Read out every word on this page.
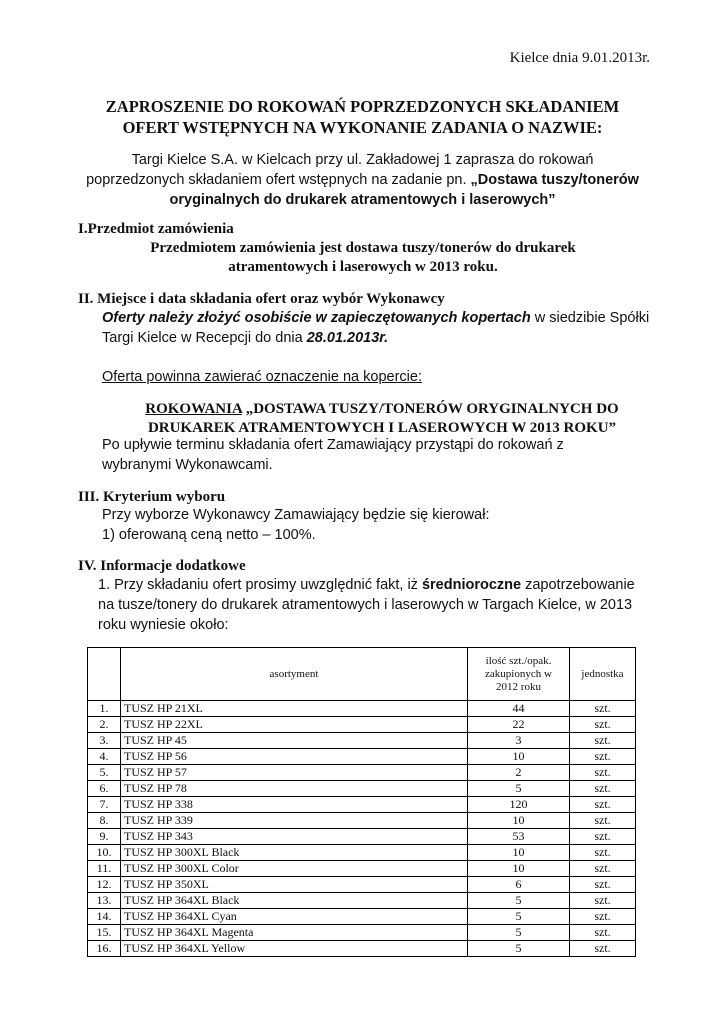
Kielce dnia 9.01.2013r.
ZAPROSZENIE DO ROKOWAŃ POPRZEDZONYCH SKŁADANIEM
OFERT WSTĘPNYCH NA WYKONANIE ZADANIA O NAZWIE:
Targi Kielce S.A. w Kielcach przy ul. Zakładowej 1 zaprasza do rokowań
poprzedzonych składaniem ofert wstępnych na zadanie pn. „Dostawa tuszy/tonerów
oryginalnych do drukarek atramentowych i laserowych”
I.Przedmiot zamówienia
Przedmiotem zamówienia jest dostawa tuszy/tonerów do drukarek
atramentowych i laserowych w 2013 roku.
II. Miejsce i data składania ofert oraz wybór Wykonawcy
Oferty należy złożyć osobiście w zapieczętowanych kopertach w siedzibie Spółki
Targi Kielce w Recepcji do dnia 28.01.2013r.
Oferta powinna zawierać oznaczenie na kopercie:
ROKOWANIA „DOSTAWA TUSZY/TONERÓW ORYGINALNYCH DO
DRUKAREK ATRAMENTOWYCH I LASEROWYCH W 2013 ROKU”
Po upływie terminu składania ofert Zamawiający przystąpi do rokowań z
wybranymi Wykonawcami.
III. Kryterium wyboru
Przy wyborze Wykonawcy Zamawiający będzie się kierował:
1) oferowaną ceną netto – 100%.
IV. Informacje dodatkowe
1. Przy składaniu ofert prosimy uwzględnić fakt, iż średnioroczne zapotrzebowanie
na tusze/tonery do drukarek atramentowych i laserowych w Targach Kielce, w 2013
roku wyniesie około:
	asortyment	ilość szt./opak.
zakupionych w
2012 roku	jednostka
1.	TUSZ HP 21XL	44	szt.
2.	TUSZ HP 22XL	22	szt.
3.	TUSZ HP 45	3	szt.
4.	TUSZ HP 56	10	szt.
5.	TUSZ HP 57	2	szt.
6.	TUSZ HP 78	5	szt.
7.	TUSZ HP 338	120	szt.
8.	TUSZ HP 339	10	szt.
9.	TUSZ HP 343	53	szt.
10.	TUSZ HP 300XL Black	10	szt.
11.	TUSZ HP 300XL Color	10	szt.
12.	TUSZ HP 350XL	6	szt.
13.	TUSZ HP 364XL Black	5	szt.
14.	TUSZ HP 364XL Cyan	5	szt.
15.	TUSZ HP 364XL Magenta	5	szt.
16.	TUSZ HP 364XL Yellow	5	szt.
